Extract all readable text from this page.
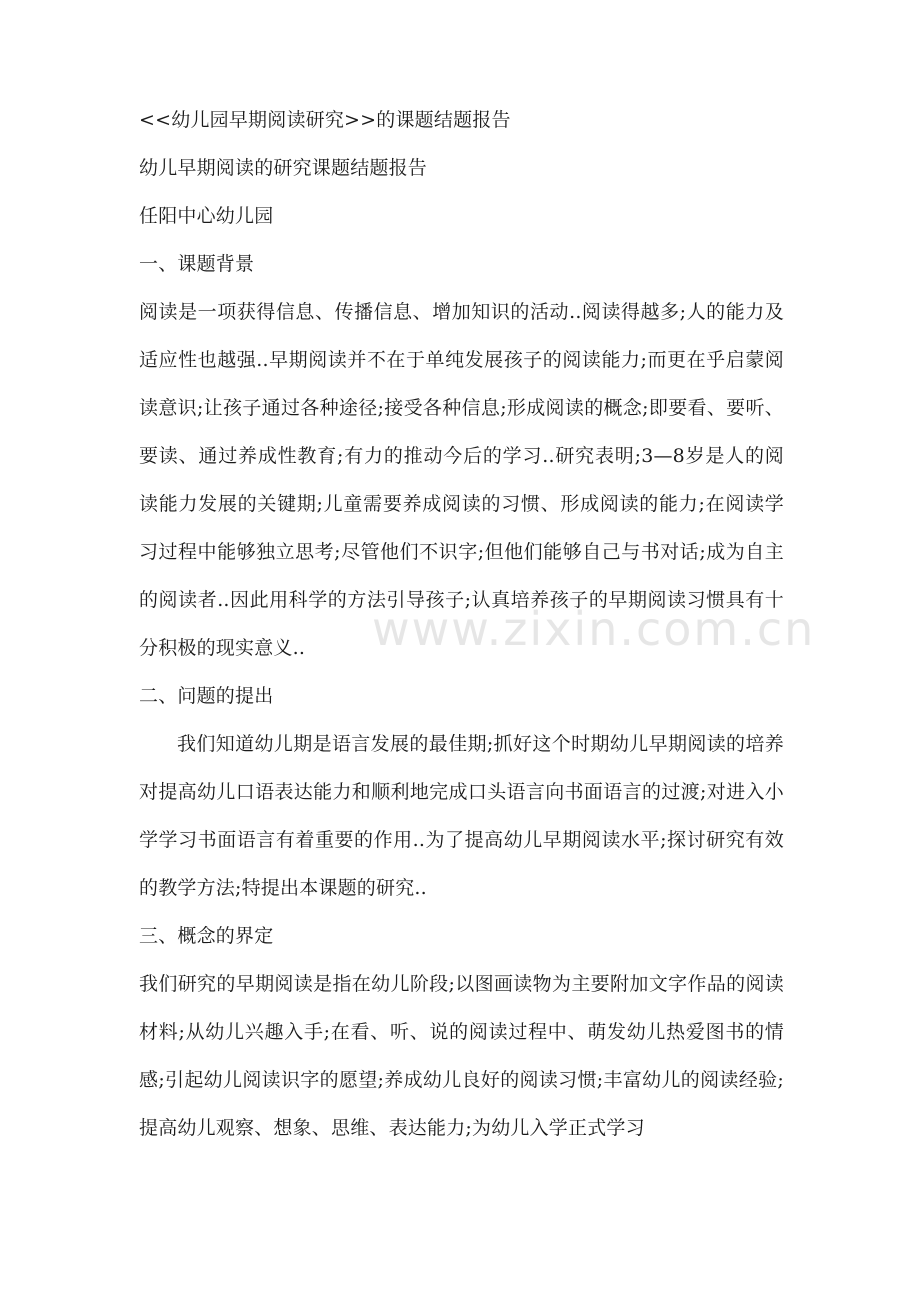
<<幼儿园早期阅读研究>>的课题结题报告
幼儿早期阅读的研究课题结题报告
任阳中心幼儿园
一、课题背景
阅读是一项获得信息、传播信息、增加知识的活动..阅读得越多;人的能力及适应性也越强..早期阅读并不在于单纯发展孩子的阅读能力;而更在乎启蒙阅读意识;让孩子通过各种途径;接受各种信息;形成阅读的概念;即要看、要听、要读、通过养成性教育;有力的推动今后的学习..研究表明;3—8岁是人的阅读能力发展的关键期;儿童需要养成阅读的习惯、形成阅读的能力;在阅读学习过程中能够独立思考;尽管他们不识字;但他们能够自己与书对话;成为自主的阅读者..因此用科学的方法引导孩子;认真培养孩子的早期阅读习惯具有十分积极的现实意义..
二、问题的提出
我们知道幼儿期是语言发展的最佳期;抓好这个时期幼儿早期阅读的培养对提高幼儿口语表达能力和顺利地完成口头语言向书面语言的过渡;对进入小学学习书面语言有着重要的作用..为了提高幼儿早期阅读水平;探讨研究有效的教学方法;特提出本课题的研究..
三、概念的界定
我们研究的早期阅读是指在幼儿阶段;以图画读物为主要附加文字作品的阅读材料;从幼儿兴趣入手;在看、听、说的阅读过程中、萌发幼儿热爱图书的情感;引起幼儿阅读识字的愿望;养成幼儿良好的阅读习惯;丰富幼儿的阅读经验;提高幼儿观察、想象、思维、表达能力;为幼儿入学正式学习
www.zixin.com.cn
